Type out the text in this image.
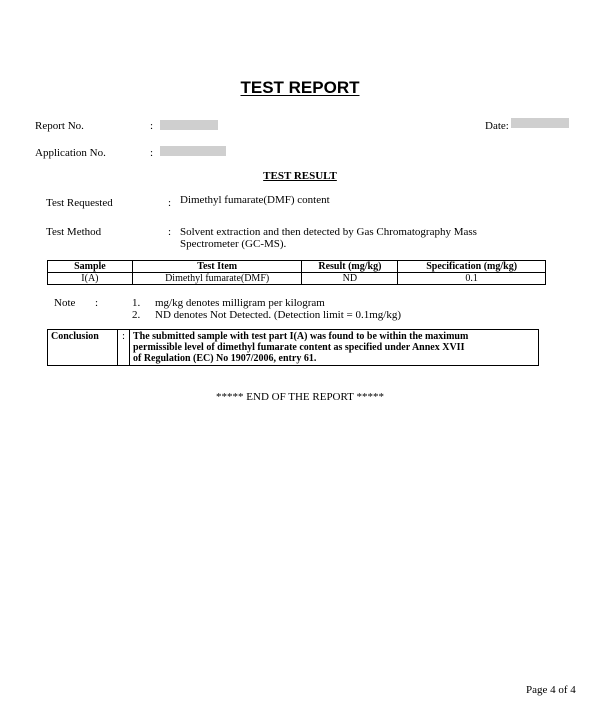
TEST REPORT
Report No.	:	Date:
Application No.	:
TEST RESULT
Test Requested	: Dimethyl fumarate(DMF) content
Test Method	: Solvent extraction and then detected by Gas Chromatography Mass
Spectrometer (GC-MS).
Sample	Test Item	Result (mg/kg)	Specification (mg/kg)
I(A)	Dimethyl fumarate(DMF)	ND	0.1
Note :	1. mg/kg denotes milligram per kilogram
2. ND denotes Not Detected. (Detection limit = 0.1mg/kg)
Conclusion	:	The submitted sample with test part I(A) was found to be within the maximum
permissible level of dimethyl fumarate content as specified under Annex XVII
of Regulation (EC) No 1907/2006, entry 61.
***** END OF THE REPORT *****
Page 4 of 4
